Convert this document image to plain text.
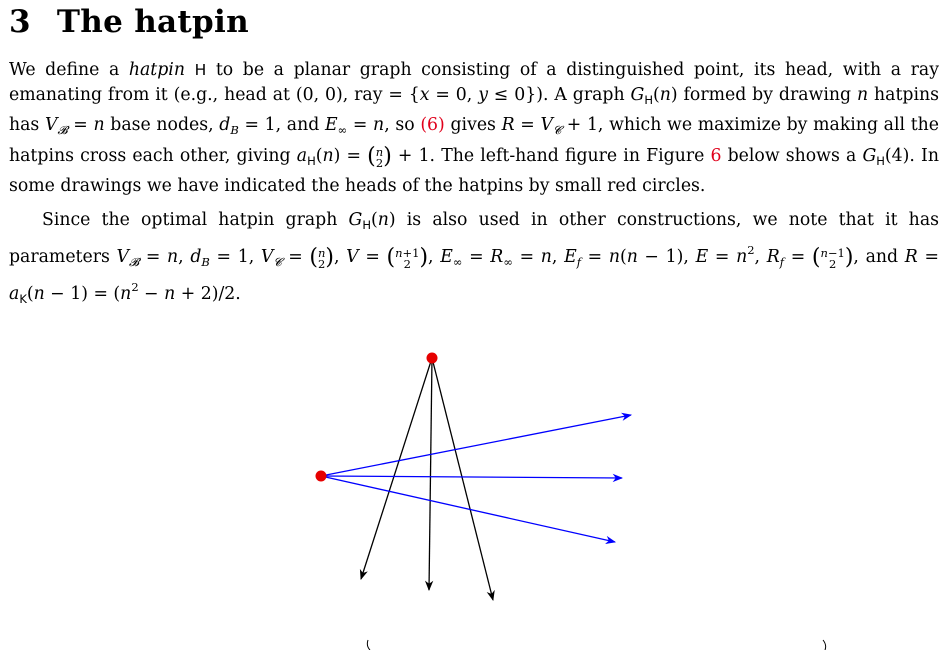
3 The hatpin
We define a hatpin H to be a planar graph consisting of a distinguished point, its head, with a ray emanating from it (e.g., head at (0, 0), ray = {x = 0, y ≤ 0}). A graph $G_H(n)$ formed by drawing n hatpins has $V_𝓑 = n$ base nodes, $d_B = 1$, and $E_\infty = n$, so (6) gives $R = V_𝓒 + 1$, which we maximize by making all the hatpins cross each other, giving $a_H(n)$ = ( n
2 ) + 1. The left-hand figure in Figure 6 below shows a $G_H(4)$. In some drawings we have indicated the heads of the hatpins by small red circles.
Since the optimal hatpin graph $G_H(n)$ is also used in other constructions, we note that it has parameters $V_𝓑 = n$, $d_B = 1$, $V_𝓒$ = ( n
2 ), V = ( n+1
2 ), $E_\infty = R_\infty = n$, $E_f = n(n - 1)$, $E = n^2$, $R_f$ = ( n−1
2 ), and $R = a_K(n - 1) = (n^2 - n + 2)/2$.
